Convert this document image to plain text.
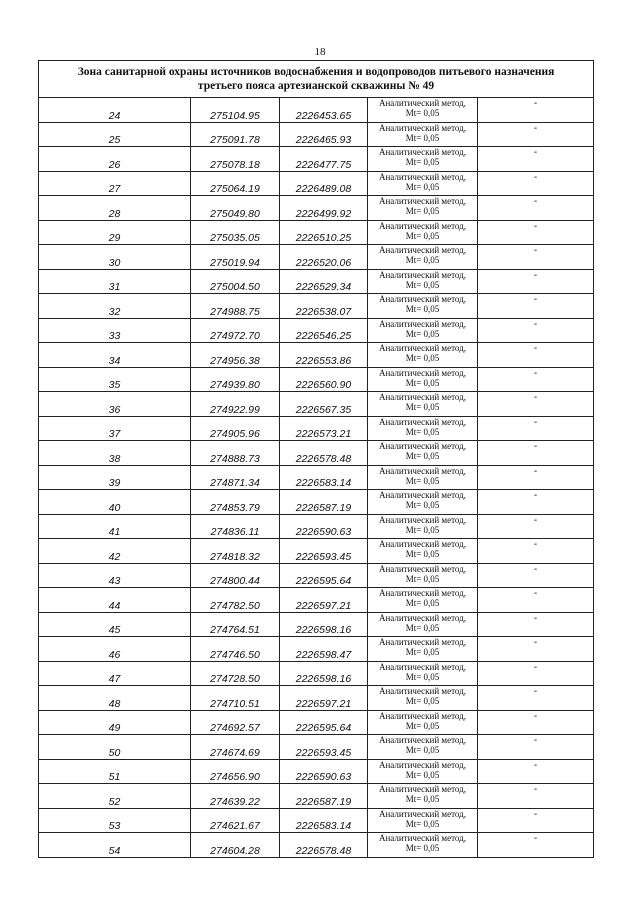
18
Зона санитарной охраны источников водоснабжения и водопроводов питьевого назначения
третьего пояса артезианской скважины № 49				
24	275104.95	2226453.65	Аналитический метод,
Mt= 0,05	-
25	275091.78	2226465.93	Аналитический метод,
Mt= 0,05	-
26	275078.18	2226477.75	Аналитический метод,
Mt= 0,05	-
27	275064.19	2226489.08	Аналитический метод,
Mt= 0,05	-
28	275049.80	2226499.92	Аналитический метод,
Mt= 0,05	-
29	275035.05	2226510.25	Аналитический метод,
Mt= 0,05	-
30	275019.94	2226520.06	Аналитический метод,
Mt= 0,05	-
31	275004.50	2226529.34	Аналитический метод,
Mt= 0,05	-
32	274988.75	2226538.07	Аналитический метод,
Mt= 0,05	-
33	274972.70	2226546.25	Аналитический метод,
Mt= 0,05	-
34	274956.38	2226553.86	Аналитический метод,
Mt= 0,05	-
35	274939.80	2226560.90	Аналитический метод,
Mt= 0,05	-
36	274922.99	2226567.35	Аналитический метод,
Mt= 0,05	-
37	274905.96	2226573.21	Аналитический метод,
Mt= 0,05	-
38	274888.73	2226578.48	Аналитический метод,
Mt= 0,05	-
39	274871.34	2226583.14	Аналитический метод,
Mt= 0,05	-
40	274853.79	2226587.19	Аналитический метод,
Mt= 0,05	-
41	274836.11	2226590.63	Аналитический метод,
Mt= 0,05	-
42	274818.32	2226593.45	Аналитический метод,
Mt= 0,05	-
43	274800.44	2226595.64	Аналитический метод,
Mt= 0,05	-
44	274782.50	2226597.21	Аналитический метод,
Mt= 0,05	-
45	274764.51	2226598.16	Аналитический метод,
Mt= 0,05	-
46	274746.50	2226598.47	Аналитический метод,
Mt= 0,05	-
47	274728.50	2226598.16	Аналитический метод,
Mt= 0,05	-
48	274710.51	2226597.21	Аналитический метод,
Mt= 0,05	-
49	274692.57	2226595.64	Аналитический метод,
Mt= 0,05	-
50	274674.69	2226593.45	Аналитический метод,
Mt= 0,05	-
51	274656.90	2226590.63	Аналитический метод,
Mt= 0,05	-
52	274639.22	2226587.19	Аналитический метод,
Mt= 0,05	-
53	274621.67	2226583.14	Аналитический метод,
Mt= 0,05	-
54	274604.28	2226578.48	Аналитический метод,
Mt= 0,05	-
